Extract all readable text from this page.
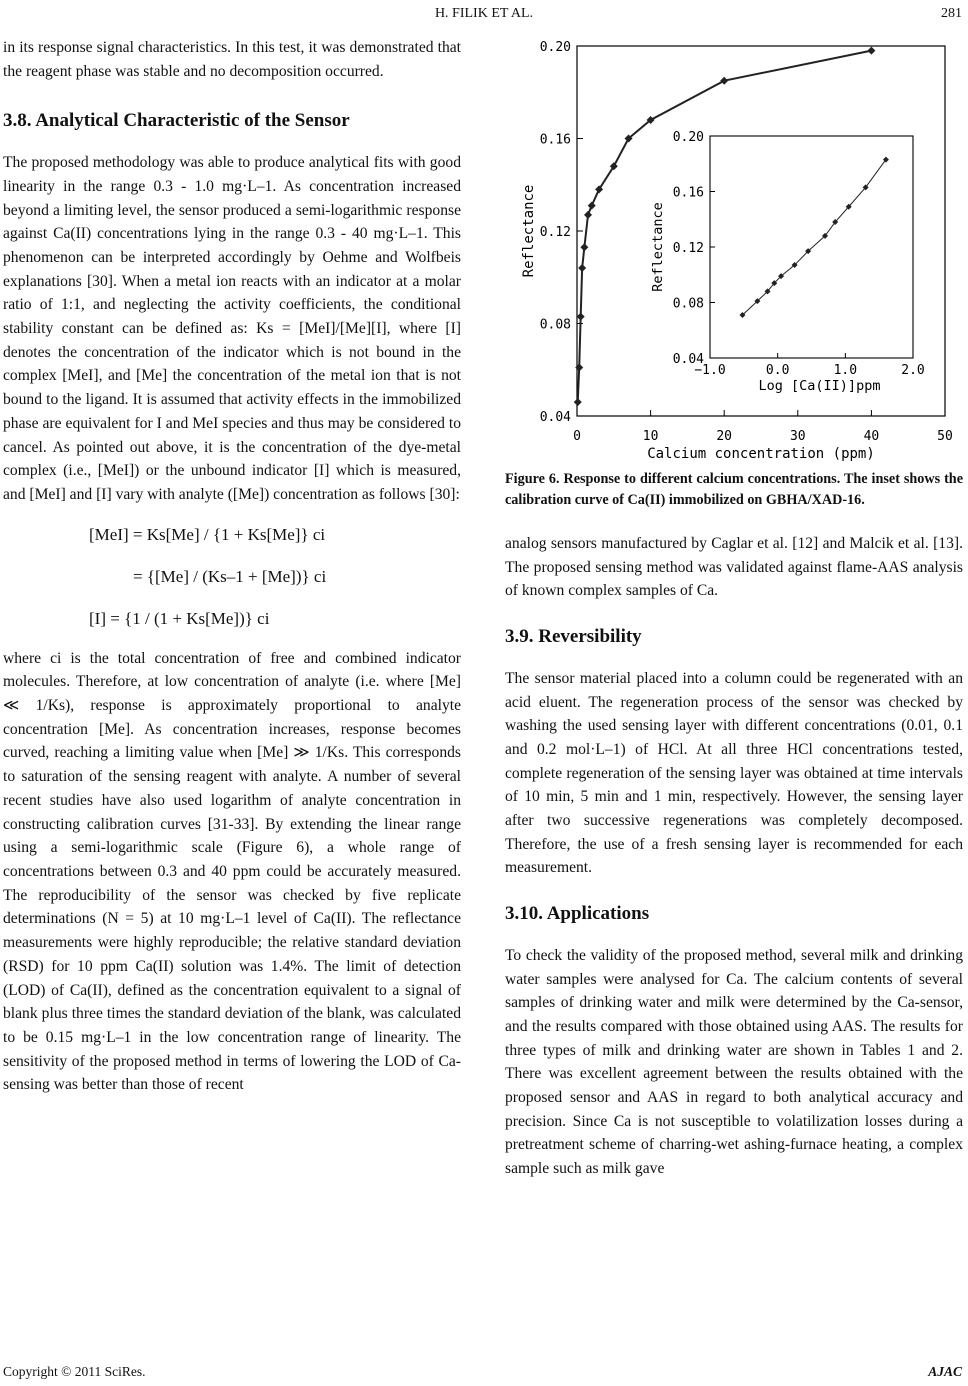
H. FILIK ET AL.	281

in its response signal characteristics. In this test, it was demonstrated that the reagent phase was stable and no decomposition occurred.

3.8. Analytical Characteristic of the Sensor

The proposed methodology was able to produce analytical fits with good linearity in the range 0.3 - 1.0 mg·L–1. As concentration increased beyond a limiting level, the sensor produced a semi-logarithmic response against Ca(II) concentrations lying in the range 0.3 - 40 mg·L–1. This phenomenon can be interpreted accordingly by Oehme and Wolfbeis explanations [30]. When a metal ion reacts with an indicator at a molar ratio of 1:1, and neglecting the activity coefficients, the conditional stability constant can be defined as: Ks = [MeI]/[Me][I], where [I] denotes the concentration of the indicator which is not bound in the complex [MeI], and [Me] the concentration of the metal ion that is not bound to the ligand. It is assumed that activity effects in the immobilized phase are equivalent for I and MeI species and thus may be considered to cancel. As pointed out above, it is the concentration of the dye-metal complex (i.e., [MeI]) or the unbound indicator [I] which is measured, and [MeI] and [I] vary with analyte ([Me]) concentration as follows [30]:

[MeI] = Ks[Me] / {1 + Ks[Me]} ci
= {[Me] / (Ks–1 + [Me])} ci
[I] = {1 / (1 + Ks[Me])} ci

where ci is the total concentration of free and combined indicator molecules. Therefore, at low concentration of analyte (i.e. where [Me] ≪ 1/Ks), response is approximately proportional to analyte concentration [Me]. As concentration increases, response becomes curved, reaching a limiting value when [Me] ≫ 1/Ks. This corresponds to saturation of the sensing reagent with analyte. A number of several recent studies have also used logarithm of analyte concentration in constructing calibration curves [31-33]. By extending the linear range using a semi-logarithmic scale (Figure 6), a whole range of concentrations between 0.3 and 40 ppm could be accurately measured. The reproducibility of the sensor was checked by five replicate determinations (N = 5) at 10 mg·L–1 level of Ca(II). The reflectance measurements were highly reproducible; the relative standard deviation (RSD) for 10 ppm Ca(II) solution was 1.4%. The limit of detection (LOD) of Ca(II), defined as the concentration equivalent to a signal of blank plus three times the standard deviation of the blank, was calculated to be 0.15 mg·L–1 in the low concentration range of linearity. The sensitivity of the proposed method in terms of lowering the LOD of Ca-sensing was better than those of recent

0	10	20	30	40	50
0.04
0.08
0.12
0.16
0.20
Calcium concentration (ppm)
Reflectance
−1.0	0.0	1.0	2.0
0.04
0.08
0.12
0.16
0.20
Log [Ca(II)]ppm
Reflectance

Figure 6. Response to different calcium concentrations. The inset shows the calibration curve of Ca(II) immobilized on GBHA/XAD-16.

analog sensors manufactured by Caglar et al. [12] and Malcik et al. [13]. The proposed sensing method was validated against flame-AAS analysis of known complex samples of Ca.

3.9. Reversibility

The sensor material placed into a column could be regenerated with an acid eluent. The regeneration process of the sensor was checked by washing the used sensing layer with different concentrations (0.01, 0.1 and 0.2 mol·L–1) of HCl. At all three HCl concentrations tested, complete regeneration of the sensing layer was obtained at time intervals of 10 min, 5 min and 1 min, respectively. However, the sensing layer after two successive regenerations was completely decomposed. Therefore, the use of a fresh sensing layer is recommended for each measurement.

3.10. Applications

To check the validity of the proposed method, several milk and drinking water samples were analysed for Ca. The calcium contents of several samples of drinking water and milk were determined by the Ca-sensor, and the results compared with those obtained using AAS. The results for three types of milk and drinking water are shown in Tables 1 and 2. There was excellent agreement between the results obtained with the proposed sensor and AAS in regard to both analytical accuracy and precision. Since Ca is not susceptible to volatilization losses during a pretreatment scheme of charring-wet ashing-furnace heating, a complex sample such as milk gave

Copyright © 2011 SciRes.	AJAC
